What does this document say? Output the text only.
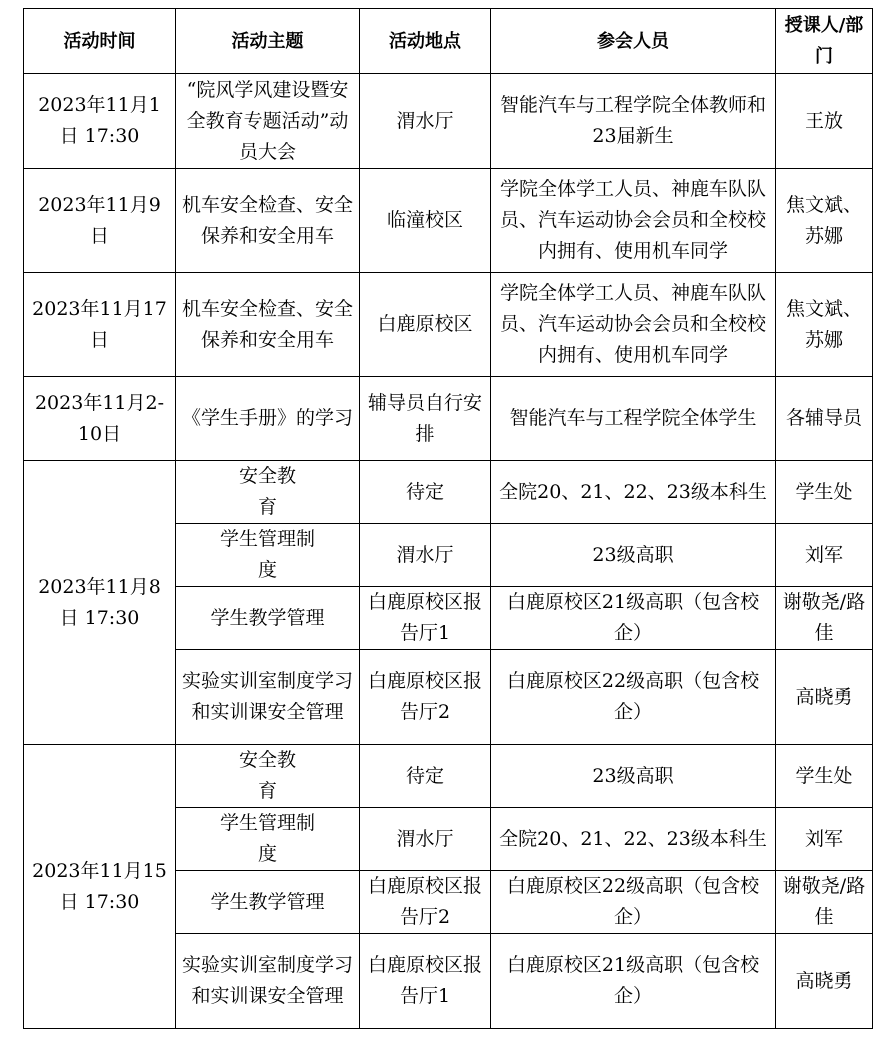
活动时间	活动主题	活动地点	参会人员	授课人/部门
2023年11月1日 17:30	“院风学风建设暨安全教育专题活动”动员大会	渭水厅	智能汽车与工程学院全体教师和23届新生	王放
2023年11月9日	机车安全检查、安全保养和安全用车	临潼校区	学院全体学工人员、神鹿车队队员、汽车运动协会会员和全校校内拥有、使用机车同学	焦文斌、苏娜
2023年11月17日	机车安全检查、安全保养和安全用车	白鹿原校区	学院全体学工人员、神鹿车队队员、汽车运动协会会员和全校校内拥有、使用机车同学	焦文斌、苏娜
2023年11月2-10日	《学生手册》的学习	辅导员自行安排	智能汽车与工程学院全体学生	各辅导员
2023年11月8日 17:30	安全教育	待定	全院20、21、22、23级本科生	学生处
	学生管理制度	渭水厅	23级高职	刘军
	学生教学管理	白鹿原校区报告厅1	白鹿原校区21级高职（包含校企）	谢敬尧/路佳
	实验实训室制度学习和实训课安全管理	白鹿原校区报告厅2	白鹿原校区22级高职（包含校企）	高晓勇
2023年11月15日 17:30	安全教育	待定	23级高职	学生处
	学生管理制度	渭水厅	全院20、21、22、23级本科生	刘军
	学生教学管理	白鹿原校区报告厅2	白鹿原校区22级高职（包含校企）	谢敬尧/路佳
	实验实训室制度学习和实训课安全管理	白鹿原校区报告厅1	白鹿原校区21级高职（包含校企）	高晓勇
